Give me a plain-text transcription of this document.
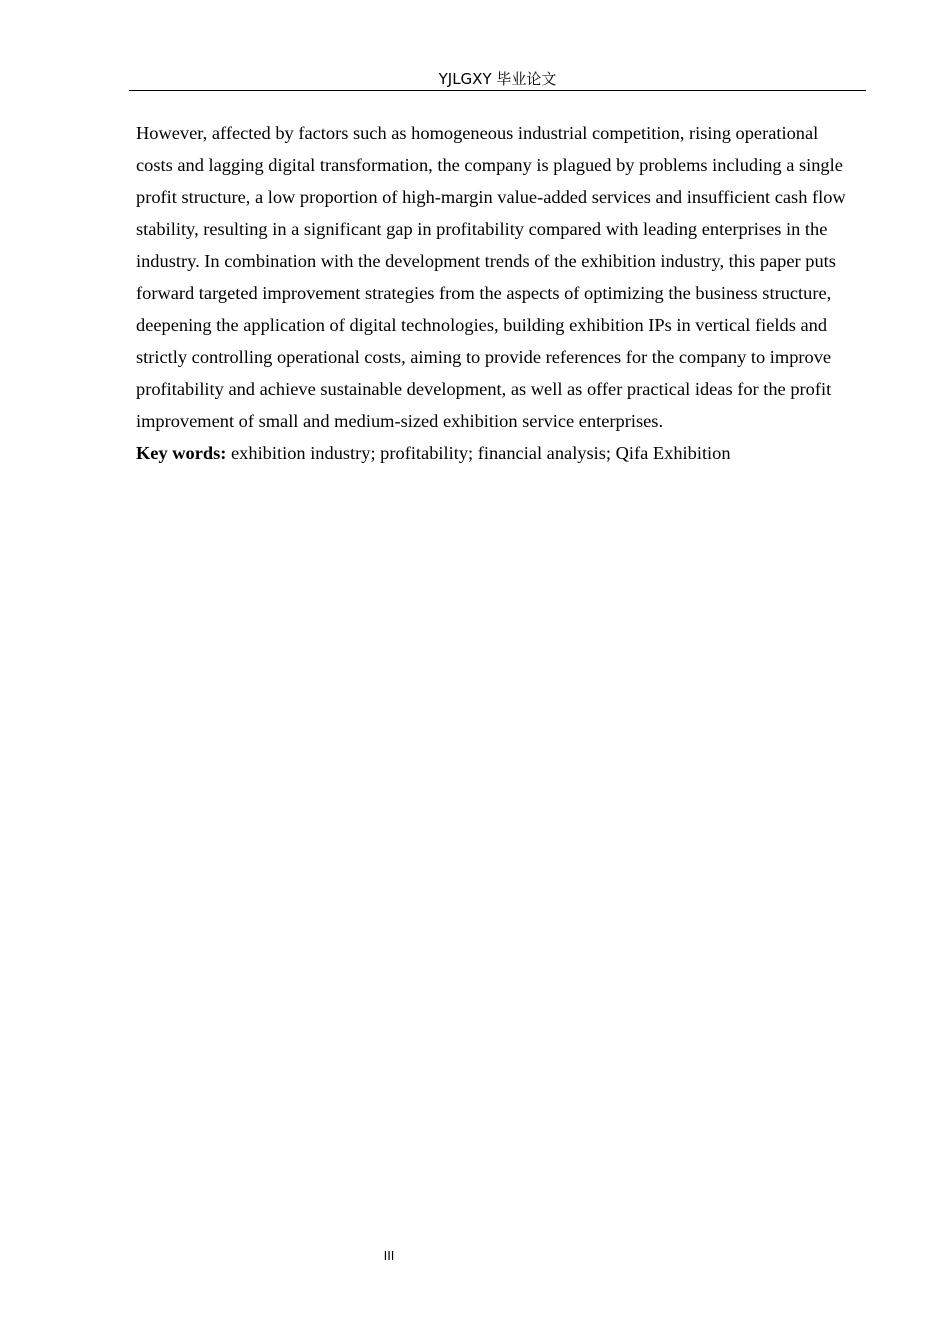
YJLGXY 毕业论文

However, affected by factors such as homogeneous industrial competition, rising operational costs and lagging digital transformation, the company is plagued by problems including a single profit structure, a low proportion of high-margin value-added services and insufficient cash flow stability, resulting in a significant gap in profitability compared with leading enterprises in the industry. In combination with the development trends of the exhibition industry, this paper puts forward targeted improvement strategies from the aspects of optimizing the business structure, deepening the application of digital technologies, building exhibition IPs in vertical fields and strictly controlling operational costs, aiming to provide references for the company to improve profitability and achieve sustainable development, as well as offer practical ideas for the profit improvement of small and medium-sized exhibition service enterprises.

Key words: exhibition industry; profitability; financial analysis; Qifa Exhibition

III
